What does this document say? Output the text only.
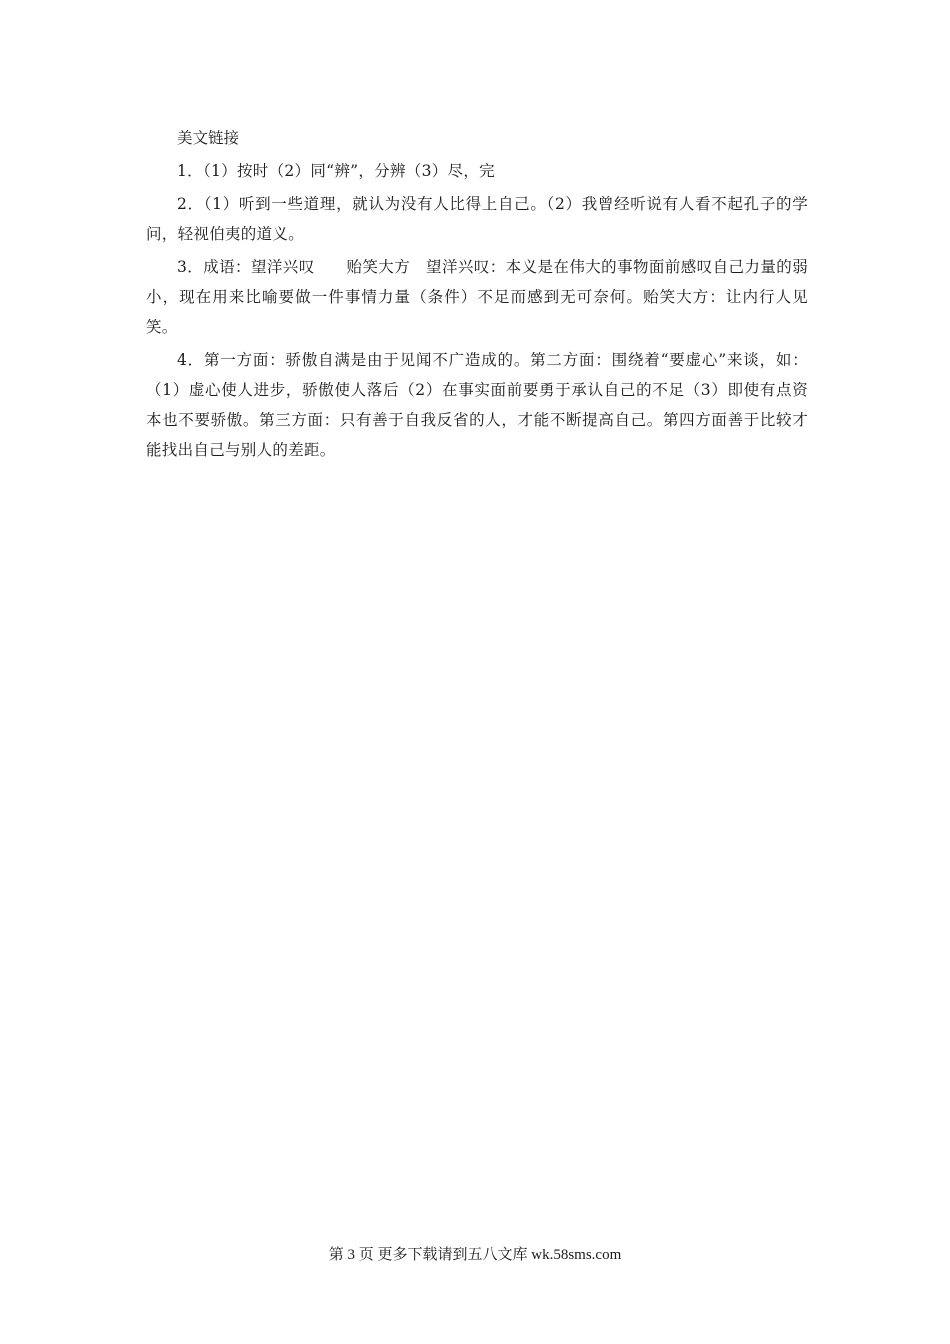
美文链接

1．（1）按时（2）同“辨”，分辨（3）尽，完

2．（1）听到一些道理，就认为没有人比得上自己。（2）我曾经听说有人看不起孔子的学问，轻视伯夷的道义。

3．成语：望洋兴叹　　贻笑大方　望洋兴叹：本义是在伟大的事物面前感叹自己力量的弱小，现在用来比喻要做一件事情力量（条件）不足而感到无可奈何。贻笑大方：让内行人见笑。

4．第一方面：骄傲自满是由于见闻不广造成的。第二方面：围绕着“要虚心”来谈，如：（1）虚心使人进步，骄傲使人落后（2）在事实面前要勇于承认自己的不足（3）即使有点资本也不要骄傲。第三方面：只有善于自我反省的人，才能不断提高自己。第四方面善于比较才能找出自己与别人的差距。

第 3 页 更多下载请到五八文库 wk.58sms.com
